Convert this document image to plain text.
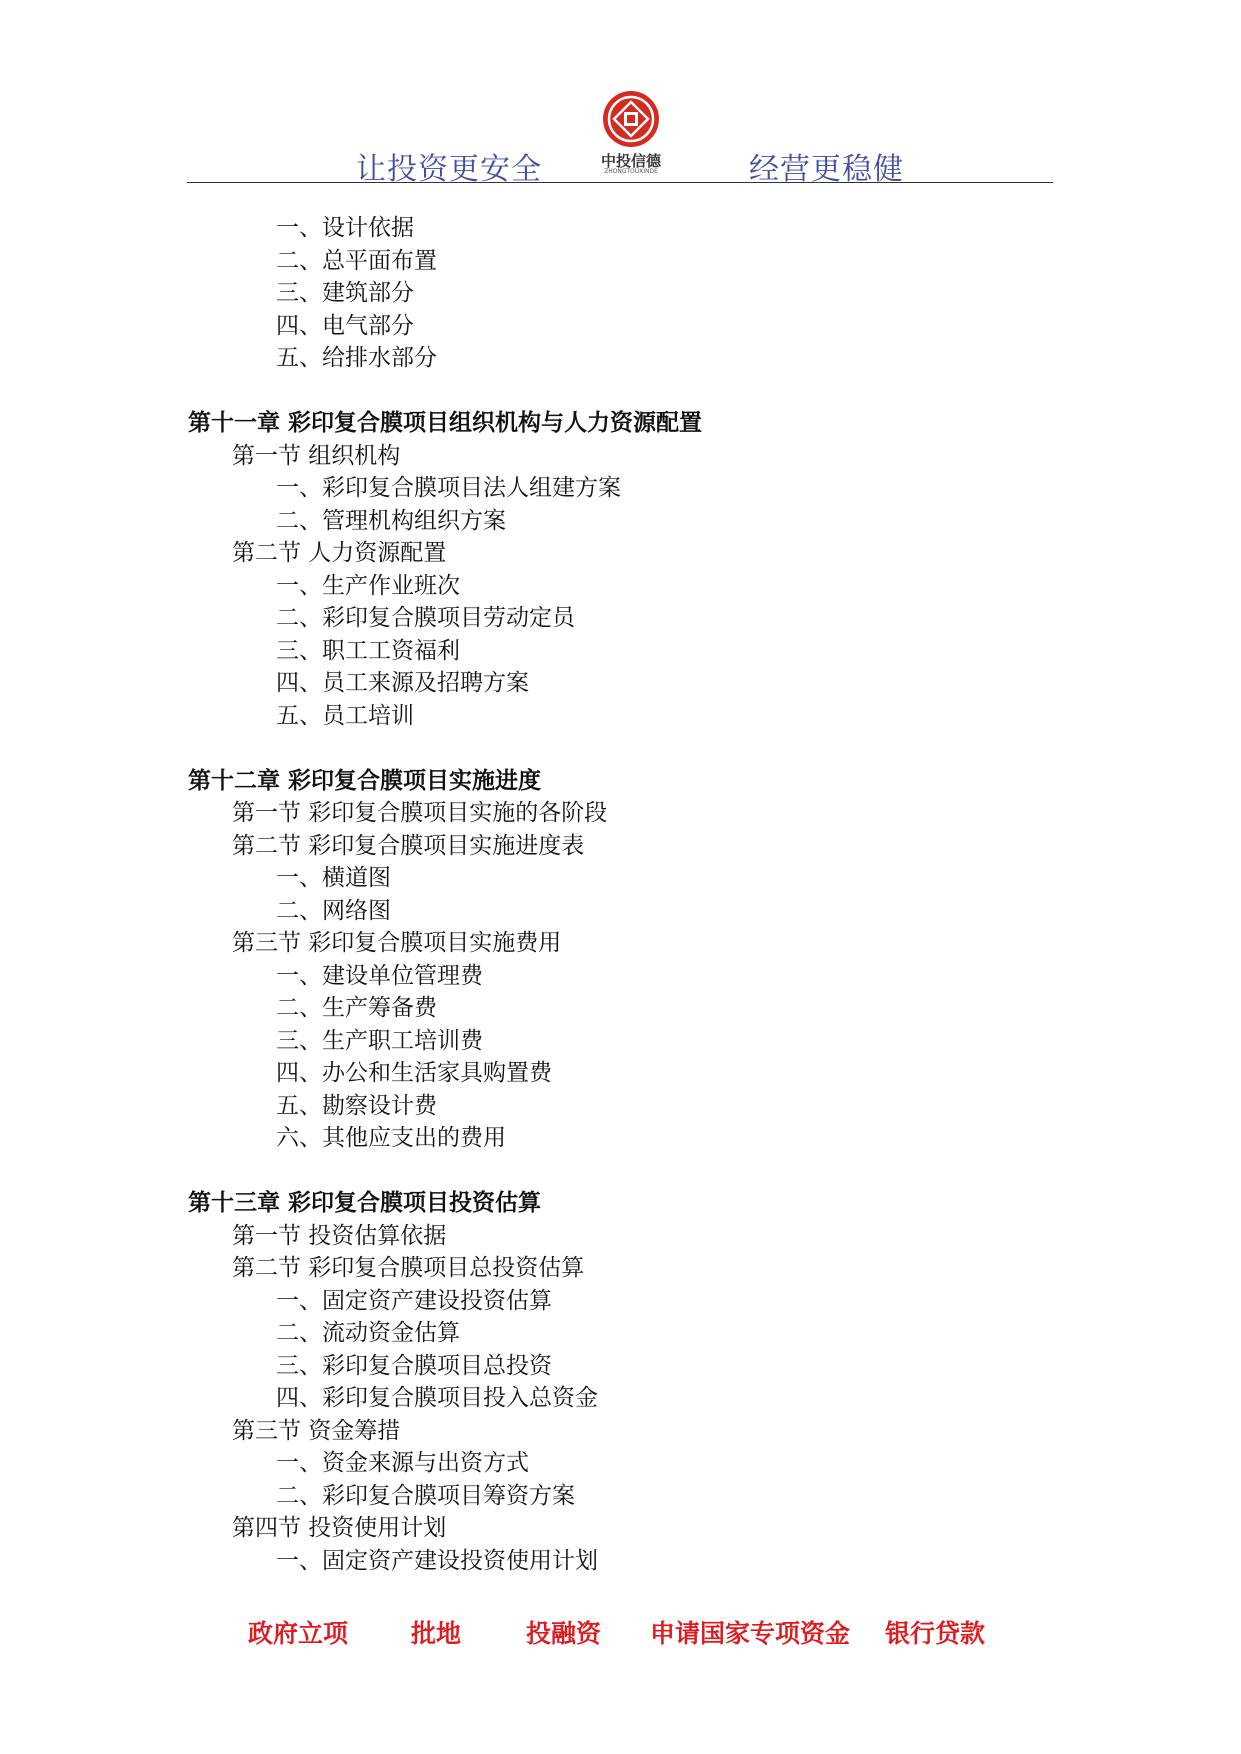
让投资更安全	中投信德
ZHONGTOUXINDE	经营更稳健
一、设计依据
二、总平面布置
三、建筑部分
四、电气部分
五、给排水部分
第十一章 彩印复合膜项目组织机构与人力资源配置
第一节 组织机构
一、彩印复合膜项目法人组建方案
二、管理机构组织方案
第二节 人力资源配置
一、生产作业班次
二、彩印复合膜项目劳动定员
三、职工工资福利
四、员工来源及招聘方案
五、员工培训
第十二章 彩印复合膜项目实施进度
第一节 彩印复合膜项目实施的各阶段
第二节 彩印复合膜项目实施进度表
一、横道图
二、网络图
第三节 彩印复合膜项目实施费用
一、建设单位管理费
二、生产筹备费
三、生产职工培训费
四、办公和生活家具购置费
五、勘察设计费
六、其他应支出的费用
第十三章 彩印复合膜项目投资估算
第一节 投资估算依据
第二节 彩印复合膜项目总投资估算
一、固定资产建设投资估算
二、流动资金估算
三、彩印复合膜项目总投资
四、彩印复合膜项目投入总资金
第三节 资金筹措
一、资金来源与出资方式
二、彩印复合膜项目筹资方案
第四节 投资使用计划
一、固定资产建设投资使用计划
政府立项	批地	投融资 申请国家专项资金 银行贷款
